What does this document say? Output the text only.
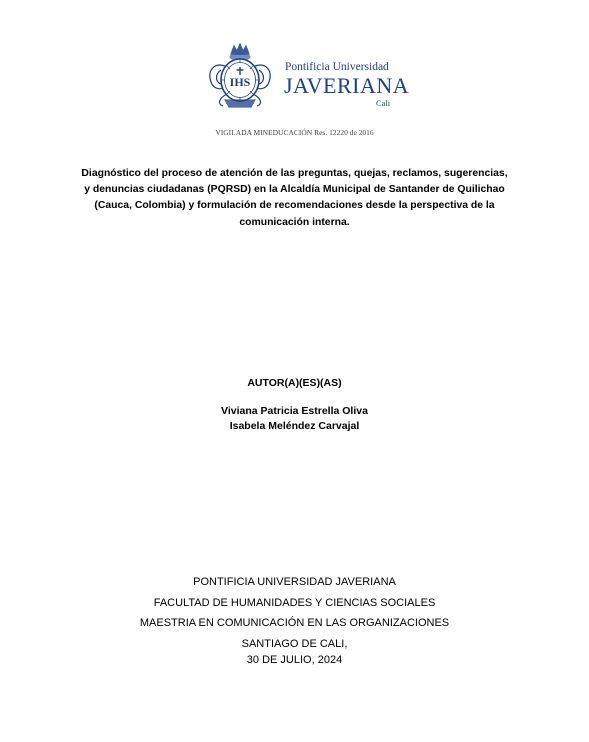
IHS
Pontificia Universidad
JAVERIANA
Cali
VIGILADA MINEDUCACIÓN Res. 12220 de 2016
Diagnóstico del proceso de atención de las preguntas, quejas, reclamos, sugerencias,
y denuncias ciudadanas (PQRSD) en la Alcaldía Municipal de Santander de Quilichao
(Cauca, Colombia) y formulación de recomendaciones desde la perspectiva de la
comunicación interna.
AUTOR(A)(ES)(AS)
Viviana Patricia Estrella Oliva
Isabela Meléndez Carvajal
PONTIFICIA UNIVERSIDAD JAVERIANA
FACULTAD DE HUMANIDADES Y CIENCIAS SOCIALES
MAESTRIA EN COMUNICACIÓN EN LAS ORGANIZACIONES
SANTIAGO DE CALI,
30 DE JULIO, 2024
